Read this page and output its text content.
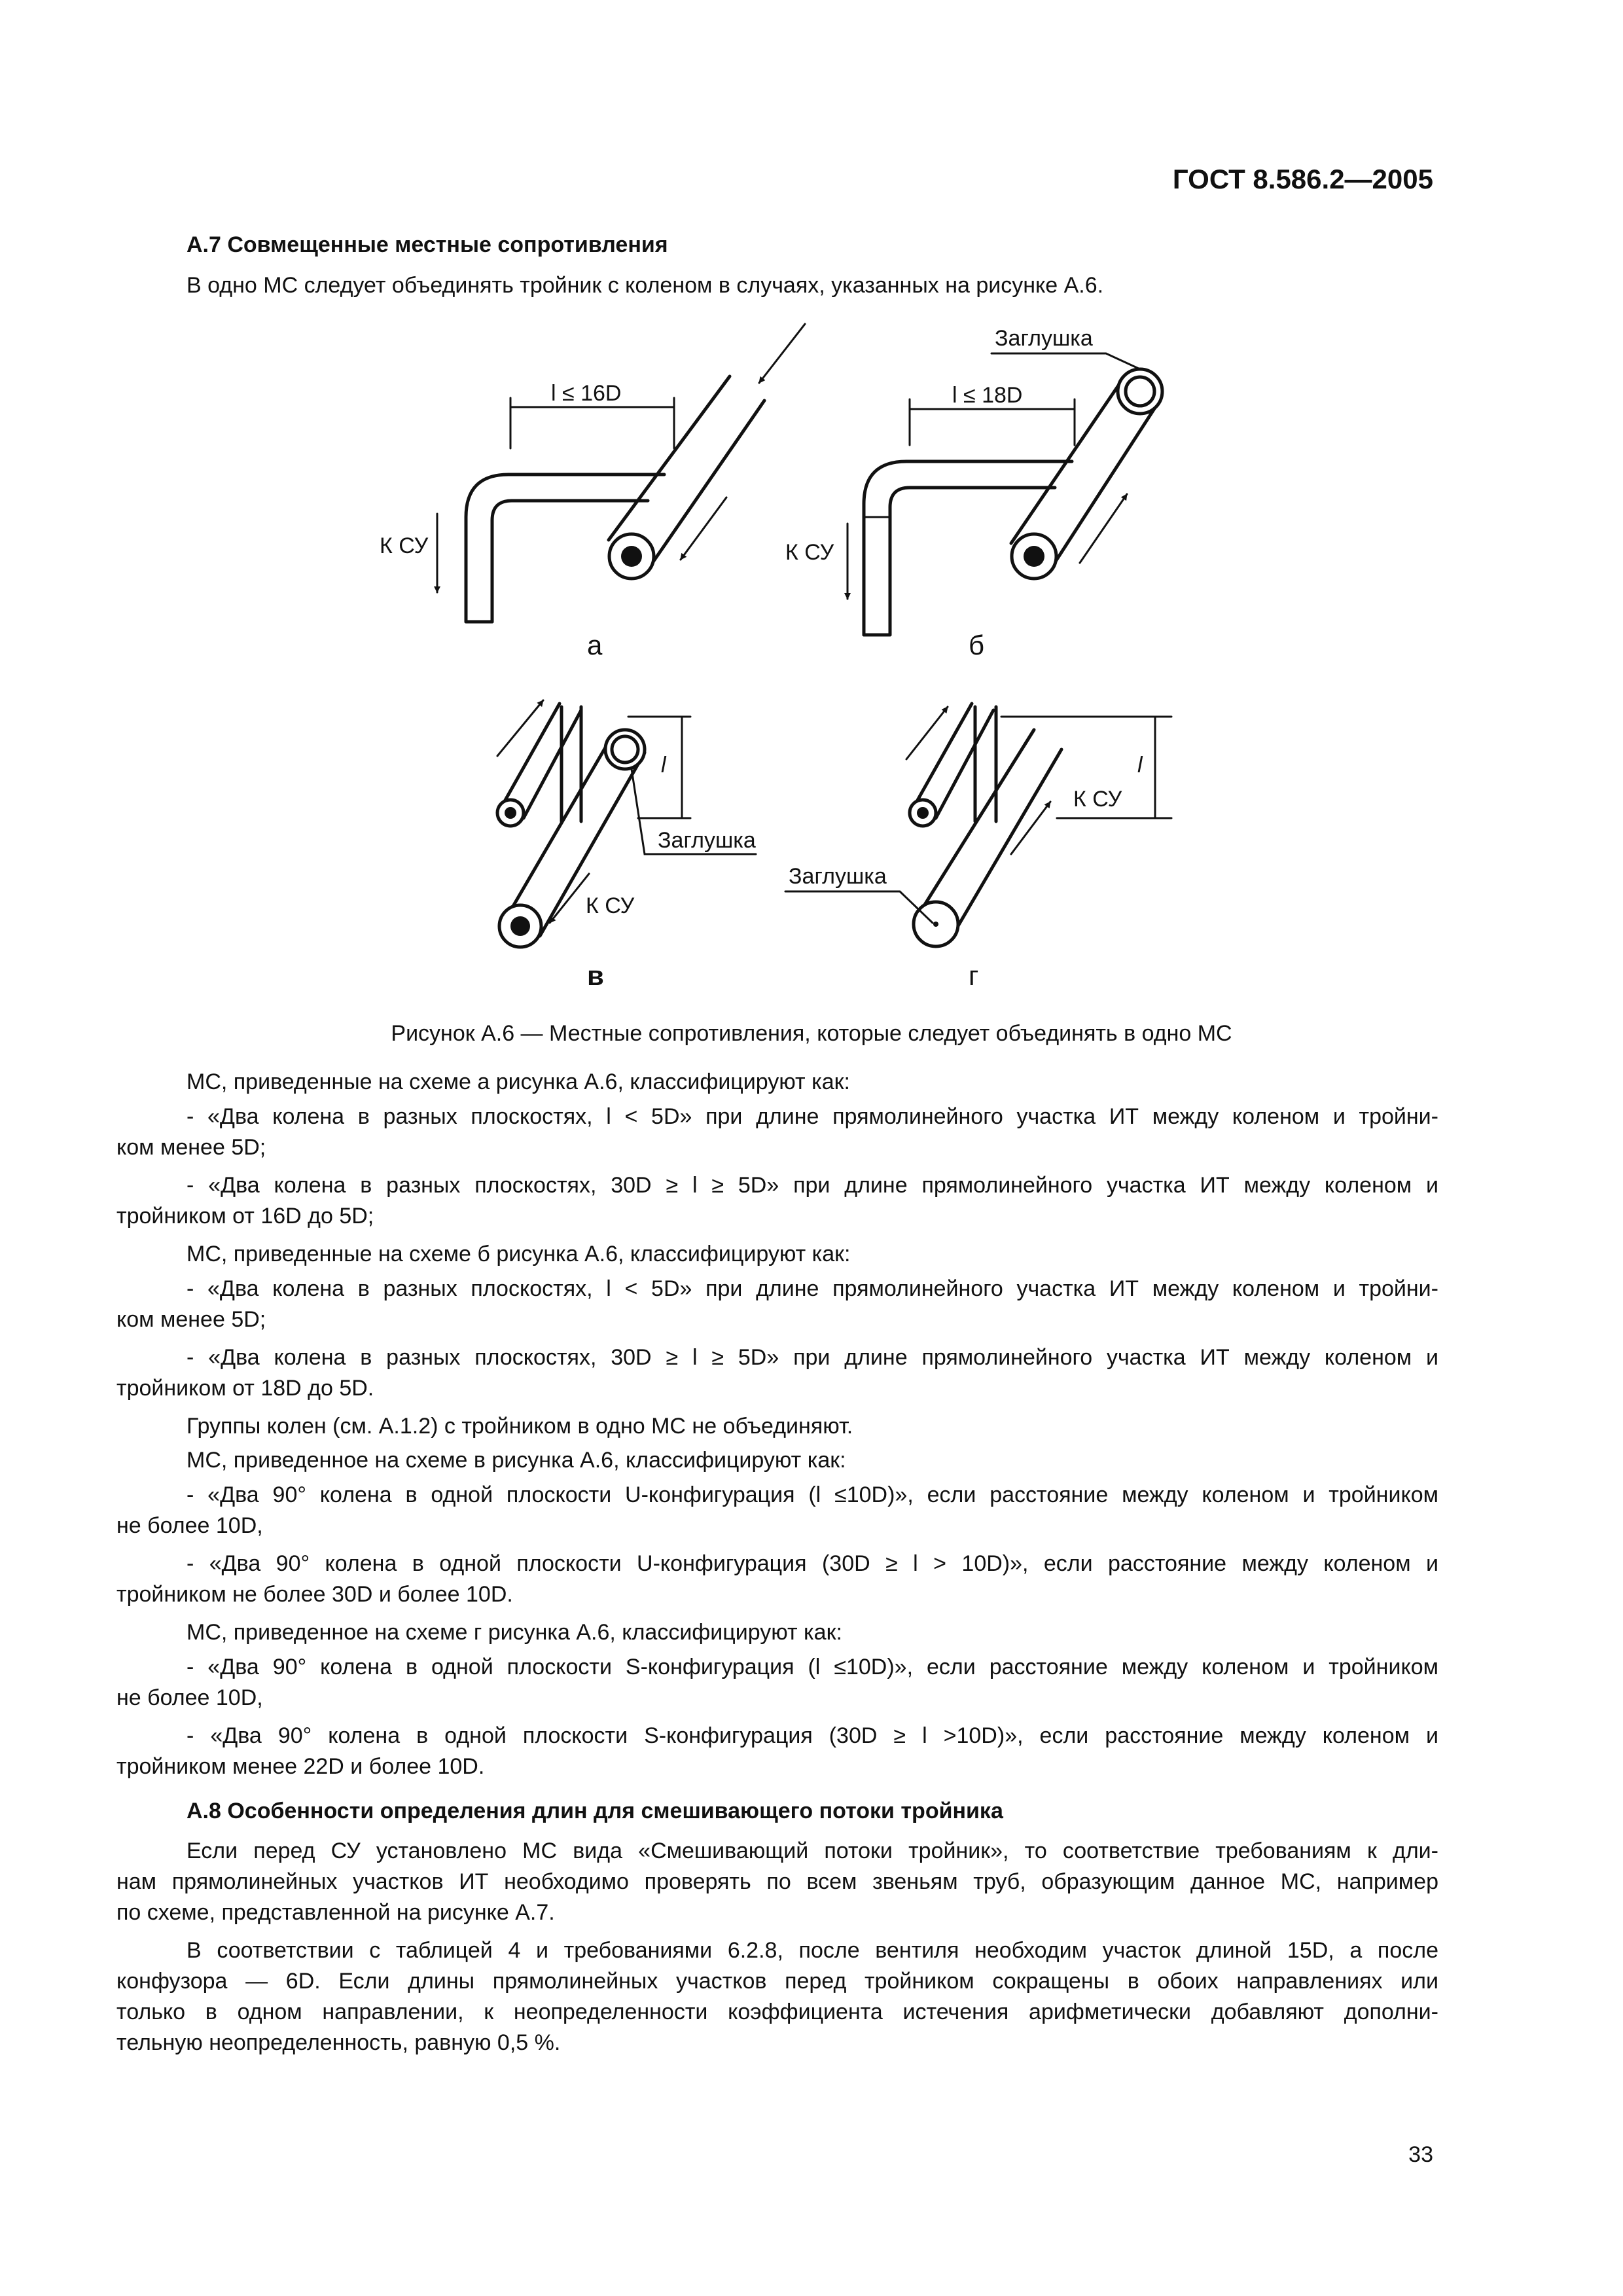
ГОСТ 8.586.2—2005
А.7 Совмещенные местные сопротивления
В одно МС следует объединять тройник с коленом в случаях, указанных на рисунке А.6.
l ≤ 16D	l ≤ 18D
l	l
К СУ	К СУ
К СУ
К СУ
Заглушка
Заглушка
Заглушка
а	б
в	г
Рисунок А.6 — Местные сопротивления, которые следует объединять в одно МС
МС, приведенные на схеме а рисунка А.6, классифицируют как:
- «Два колена в разных плоскостях, l < 5D» при длине прямолинейного участка ИТ между коленом и тройни-
ком менее 5D;
- «Два колена в разных плоскостях, 30D ≥ l ≥ 5D» при длине прямолинейного участка ИТ между коленом и
тройником от 16D до 5D;
МС, приведенные на схеме б рисунка А.6, классифицируют как:
- «Два колена в разных плоскостях, l < 5D» при длине прямолинейного участка ИТ между коленом и тройни-
ком менее 5D;
- «Два колена в разных плоскостях, 30D ≥ l ≥ 5D» при длине прямолинейного участка ИТ между коленом и
тройником от 18D до 5D.
Группы колен (см. А.1.2) с тройником в одно МС не объединяют.
МС, приведенное на схеме в рисунка А.6, классифицируют как:
- «Два 90° колена в одной плоскости U-конфигурация (l ≤10D)», если расстояние между коленом и тройником
не более 10D,
- «Два 90° колена в одной плоскости U-конфигурация (30D ≥ l > 10D)», если расстояние между коленом и
тройником не более 30D и более 10D.
МС, приведенное на схеме г рисунка А.6, классифицируют как:
- «Два 90° колена в одной плоскости S-конфигурация (l ≤10D)», если расстояние между коленом и тройником
не более 10D,
- «Два 90° колена в одной плоскости S-конфигурация (30D ≥ l >10D)», если расстояние между коленом и
тройником менее 22D и более 10D.
А.8 Особенности определения длин для смешивающего потоки тройника
Если перед СУ установлено МС вида «Смешивающий потоки тройник», то соответствие требованиям к дли-
нам прямолинейных участков ИТ необходимо проверять по всем звеньям труб, образующим данное МС, например
по схеме, представленной на рисунке А.7.
В соответствии с таблицей 4 и требованиями 6.2.8, после вентиля необходим участок длиной 15D, а после
конфузора — 6D. Если длины прямолинейных участков перед тройником сокращены в обоих направлениях или
только в одном направлении, к неопределенности коэффициента истечения арифметически добавляют дополни-
тельную неопределенность, равную 0,5 %.
33
